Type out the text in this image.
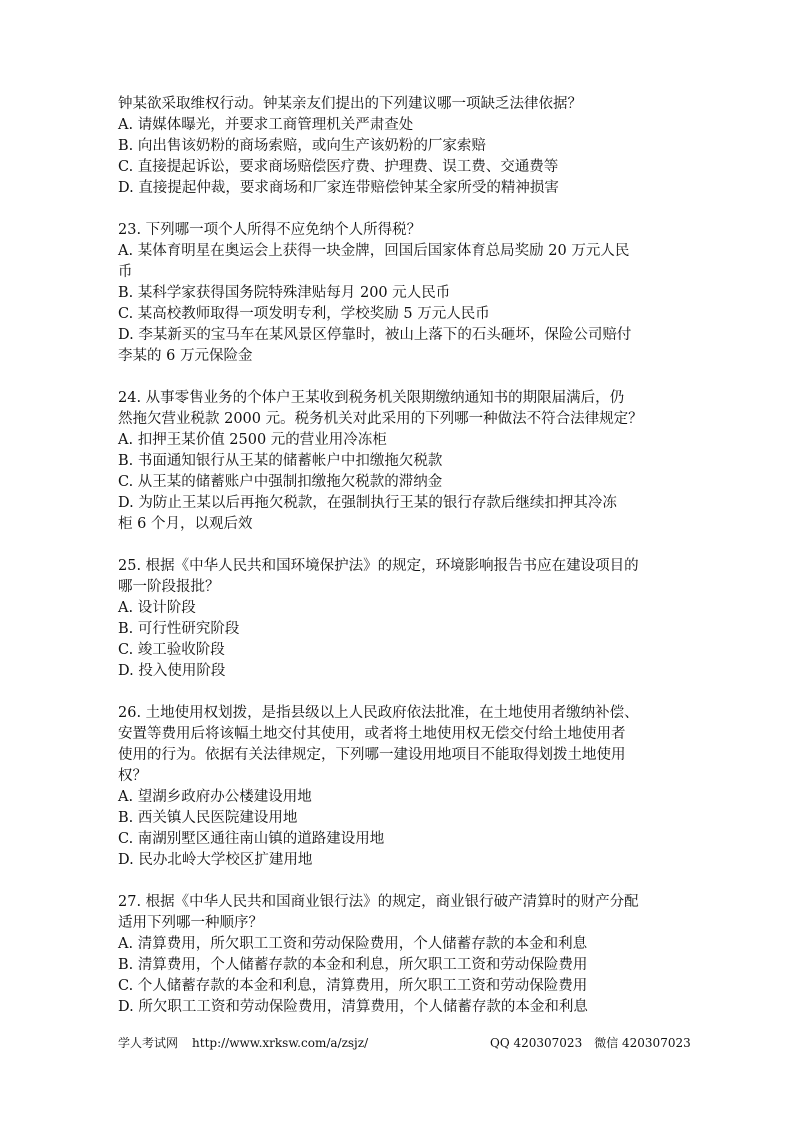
钟某欲采取维权行动。钟某亲友们提出的下列建议哪一项缺乏法律依据？
A. 请媒体曝光，并要求工商管理机关严肃查处
B. 向出售该奶粉的商场索赔，或向生产该奶粉的厂家索赔
C. 直接提起诉讼，要求商场赔偿医疗费、护理费、误工费、交通费等
D. 直接提起仲裁，要求商场和厂家连带赔偿钟某全家所受的精神损害
23. 下列哪一项个人所得不应免纳个人所得税？
A. 某体育明星在奥运会上获得一块金牌，回国后国家体育总局奖励 20 万元人民
币
B. 某科学家获得国务院特殊津贴每月 200 元人民币
C. 某高校教师取得一项发明专利，学校奖励 5 万元人民币
D. 李某新买的宝马车在某风景区停靠时，被山上落下的石头砸坏，保险公司赔付
李某的 6 万元保险金
24. 从事零售业务的个体户王某收到税务机关限期缴纳通知书的期限届满后，仍
然拖欠营业税款 2000 元。税务机关对此采用的下列哪一种做法不符合法律规定？
A. 扣押王某价值 2500 元的营业用冷冻柜
B. 书面通知银行从王某的储蓄帐户中扣缴拖欠税款
C. 从王某的储蓄账户中强制扣缴拖欠税款的滞纳金
D. 为防止王某以后再拖欠税款，在强制执行王某的银行存款后继续扣押其冷冻
柜 6 个月，以观后效
25. 根据《中华人民共和国环境保护法》的规定，环境影响报告书应在建设项目的
哪一阶段报批？
A. 设计阶段
B. 可行性研究阶段
C. 竣工验收阶段
D. 投入使用阶段
26. 土地使用权划拨，是指县级以上人民政府依法批准，在土地使用者缴纳补偿、
安置等费用后将该幅土地交付其使用，或者将土地使用权无偿交付给土地使用者
使用的行为。依据有关法律规定，下列哪一建设用地项目不能取得划拨土地使用
权？
A. 望湖乡政府办公楼建设用地
B. 西关镇人民医院建设用地
C. 南湖别墅区通往南山镇的道路建设用地
D. 民办北岭大学校区扩建用地
27. 根据《中华人民共和国商业银行法》的规定，商业银行破产清算时的财产分配
适用下列哪一种顺序？
A. 清算费用，所欠职工工资和劳动保险费用，个人储蓄存款的本金和利息
B. 清算费用，个人储蓄存款的本金和利息，所欠职工工资和劳动保险费用
C. 个人储蓄存款的本金和利息，清算费用，所欠职工工资和劳动保险费用
D. 所欠职工工资和劳动保险费用，清算费用，个人储蓄存款的本金和利息
学人考试网 http://www.xrksw.com/a/zsjz/	QQ 420307023 微信 420307023
